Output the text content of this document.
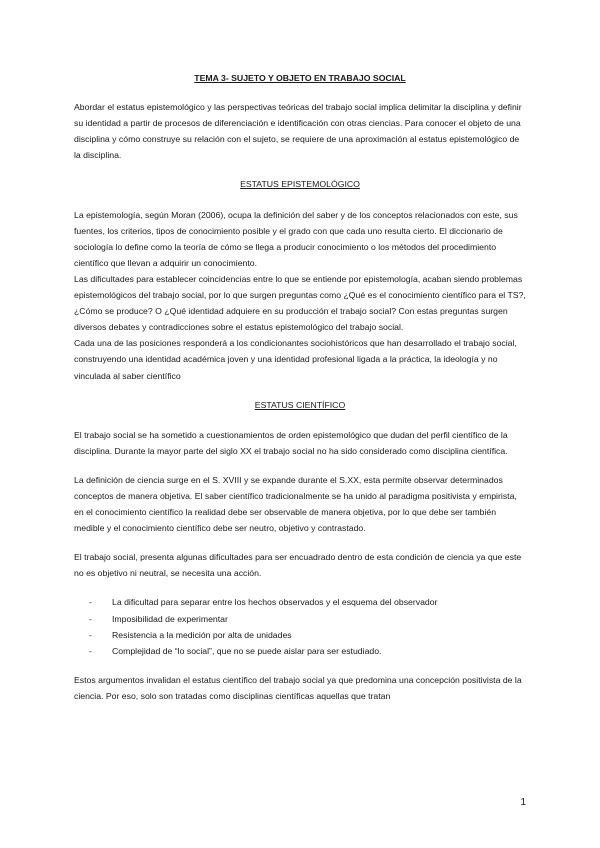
TEMA 3- SUJETO Y OBJETO EN TRABAJO SOCIAL

Abordar el estatus epistemológico y las perspectivas teóricas del trabajo social implica delimitar la disciplina y definir su identidad a partir de procesos de diferenciación e identificación con otras ciencias. Para conocer el objeto de una disciplina y cómo construye su relación con el sujeto, se requiere de una aproximación al estatus epistemológico de la disciplina.

ESTATUS EPISTEMOLÓGICO

La epistemología, según Moran (2006), ocupa la definición del saber y de los conceptos relacionados con este, sus fuentes, los criterios, tipos de conocimiento posible y el grado con que cada uno resulta cierto. El diccionario de sociología lo define como la teoría de cómo se llega a producir conocimiento o los métodos del procedimiento científico que llevan a adquirir un conocimiento.

Las dificultades para establecer coincidencias entre lo que se entiende por epistemología, acaban siendo problemas epistemológicos del trabajo social, por lo que surgen preguntas como ¿Qué es el conocimiento científico para el TS?, ¿Cómo se produce? O ¿Qué identidad adquiere en su producción el trabajo social? Con estas preguntas surgen diversos debates y contradicciones sobre el estatus epistemológico del trabajo social.

Cada una de las posiciones responderá a los condicionantes sociohistóricos que han desarrollado el trabajo social, construyendo una identidad académica joven y una identidad profesional ligada a la práctica, la ideología y no vinculada al saber científico

ESTATUS CIENTÍFICO

El trabajo social se ha sometido a cuestionamientos de orden epistemológico que dudan del perfil científico de la disciplina. Durante la mayor parte del siglo XX el trabajo social no ha sido considerado como disciplina científica.

La definición de ciencia surge en el S. XVIII y se expande durante el S.XX, esta permite observar determinados conceptos de manera objetiva. El saber científico tradicionalmente se ha unido al paradigma positivista y empirista, en el conocimiento científico la realidad debe ser observable de manera objetiva, por lo que debe ser también medible y el conocimiento científico debe ser neutro, objetivo y contrastado.

El trabajo social, presenta algunas dificultades para ser encuadrado dentro de esta condición de ciencia ya que este no es objetivo ni neutral, se necesita una acción.

- La dificultad para separar entre los hechos observados y el esquema del observador
- Imposibilidad de experimentar
- Resistencia a la medición por alta de unidades
- Complejidad de “lo social”, que no se puede aislar para ser estudiado.

Estos argumentos invalidan el estatus científico del trabajo social ya que predomina una concepción positivista de la ciencia. Por eso, solo son tratadas como disciplinas científicas aquellas que tratan

1
